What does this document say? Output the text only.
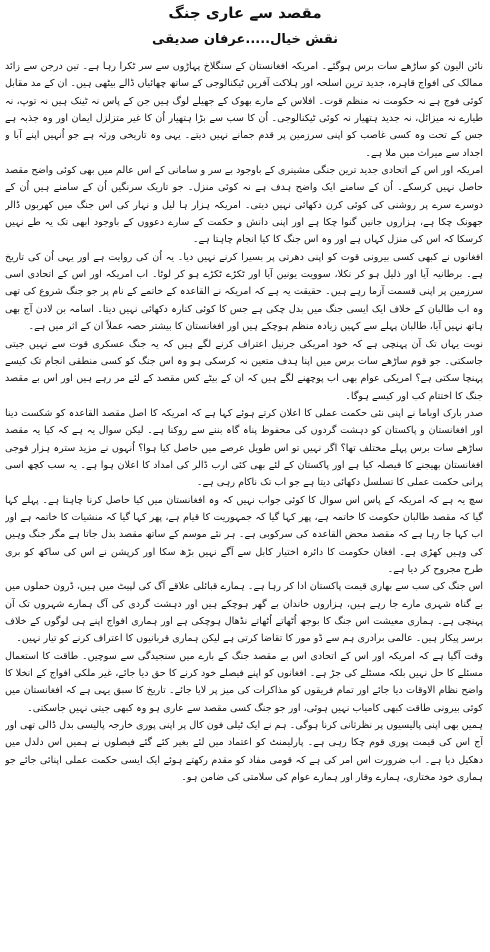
مقصد سے عاری جنگ
نقش خیال.....عرفان صدیقی

نائن الیون کو ساڑھے سات برس ہوگئے۔ امریکہ افغانستان کے سنگلاخ پہاڑوں سے سر ٹکرا رہا ہے۔ تین درجن سے زائد ممالک کی افواج قاہرہ، جدید ترین اسلحہ اور ہلاکت آفریں ٹیکنالوجی کے ساتھ چھائیاں ڈالے بیٹھی ہیں۔ ان کے مد مقابل کوئی فوج ہے نہ حکومت نہ منظم قوت۔ افلاس کے مارے بھوک کے جھیلے لوگ ہیں جن کے پاس نہ ٹینک ہیں نہ توپ، نہ طیارے نہ میزائل، نہ جدید ہتھیار نہ کوئی ٹیکنالوجی۔ اُن کا سب سے بڑا ہتھیار اُن کا غیر متزلزل ایمان اور وہ جذبہ ہے جس کے تحت وہ کسی غاصب کو اپنی سرزمین پر قدم جمانے نہیں دیتے۔ یہی وہ تاریخی ورثہ ہے جو اُنہیں اپنے آبا و اجداد سے میراث میں ملا ہے۔

امریکہ اور اس کے اتحادی جدید ترین جنگی مشینری کے باوجود بے سر و سامانی کے اس عالم میں بھی کوئی واضح مقصد حاصل نہیں کرسکے۔ اُن کے سامنے ایک واضح ہدف ہے نہ کوئی منزل۔ جو تاریک سرنگیں اُن کے سامنے ہیں اُن کے دوسرے سرے پر روشنی کی کوئی کرن دکھائی نہیں دیتی۔ امریکہ ہزار ہا لیل و نہار کی اس جنگ میں کھربوں ڈالر جھونک چکا ہے، ہزاروں جانیں گنوا چکا ہے اور اپنی دانش و حکمت کے سارے دعووں کے باوجود ابھی تک یہ طے نہیں کرسکا کہ اس کی منزل کہاں ہے اور وہ اس جنگ کا کیا انجام چاہتا ہے۔

افغانوں نے کبھی کسی بیرونی قوت کو اپنی دھرتی پر بسیرا کرنے نہیں دیا۔ یہ اُن کی روایت ہے اور یہی اُن کی تاریخ ہے۔ برطانیہ آیا اور ذلیل ہو کر نکلا، سوویت یونین آیا اور ٹکڑے ٹکڑے ہو کر لوٹا۔ اب امریکہ اور اس کے اتحادی اسی سرزمین پر اپنی قسمت آزما رہے ہیں۔ حقیقت یہ ہے کہ امریکہ نے القاعدہ کے خاتمے کے نام پر جو جنگ شروع کی تھی وہ اب طالبان کے خلاف ایک ایسی جنگ میں بدل چکی ہے جس کا کوئی کنارہ دکھائی نہیں دیتا۔ اسامہ بن لادن آج بھی ہاتھ نہیں آیا، طالبان پہلے سے کہیں زیادہ منظم ہوچکے ہیں اور افغانستان کا بیشتر حصہ عملاً ان کے اثر میں ہے۔

نوبت یہاں تک آن پہنچی ہے کہ خود امریکی جرنیل اعتراف کرنے لگے ہیں کہ یہ جنگ عسکری قوت سے نہیں جیتی جاسکتی۔ جو قوم ساڑھے سات برس میں اپنا ہدف متعین نہ کرسکی ہو وہ اس جنگ کو کسی منطقی انجام تک کیسے پہنچا سکتی ہے؟ امریکی عوام بھی اب پوچھنے لگے ہیں کہ ان کے بیٹے کس مقصد کے لئے مر رہے ہیں اور اس بے مقصد جنگ کا اختتام کب اور کیسے ہوگا۔

صدر بارک اوباما نے اپنی نئی حکمت عملی کا اعلان کرتے ہوئے کہا ہے کہ امریکہ کا اصل مقصد القاعدہ کو شکست دینا اور افغانستان و پاکستان کو دہشت گردوں کی محفوظ پناہ گاہ بننے سے روکنا ہے۔ لیکن سوال یہ ہے کہ کیا یہ مقصد ساڑھے سات برس پہلے مختلف تھا؟ اگر نہیں تو اس طویل عرصے میں حاصل کیا ہوا؟ اُنہوں نے مزید سترہ ہزار فوجی افغانستان بھیجنے کا فیصلہ کیا ہے اور پاکستان کے لئے بھی کئی ارب ڈالر کی امداد کا اعلان ہوا ہے۔ یہ سب کچھ اسی پرانی حکمت عملی کا تسلسل دکھائی دیتا ہے جو اب تک ناکام رہی ہے۔

سچ یہ ہے کہ امریکہ کے پاس اس سوال کا کوئی جواب نہیں کہ وہ افغانستان میں کیا حاصل کرنا چاہتا ہے۔ پہلے کہا گیا کہ مقصد طالبان حکومت کا خاتمہ ہے، پھر کہا گیا کہ جمہوریت کا قیام ہے، پھر کہا گیا کہ منشیات کا خاتمہ ہے اور اب کہا جا رہا ہے کہ مقصد محض القاعدہ کی سرکوبی ہے۔ ہر نئے موسم کے ساتھ مقصد بدل جاتا ہے مگر جنگ وہیں کی وہیں کھڑی ہے۔ افغان حکومت کا دائرہ اختیار کابل سے آگے نہیں بڑھ سکا اور کرپشن نے اس کی ساکھ کو بری طرح مجروح کر دیا ہے۔

اس جنگ کی سب سے بھاری قیمت پاکستان ادا کر رہا ہے۔ ہمارے قبائلی علاقے آگ کی لپیٹ میں ہیں، ڈرون حملوں میں بے گناہ شہری مارے جا رہے ہیں، ہزاروں خاندان بے گھر ہوچکے ہیں اور دہشت گردی کی آگ ہمارے شہروں تک آن پہنچی ہے۔ ہماری معیشت اس جنگ کا بوجھ اُٹھاتے اُٹھاتے نڈھال ہوچکی ہے اور ہماری افواج اپنے ہی لوگوں کے خلاف برسر پیکار ہیں۔ عالمی برادری ہم سے ڈو مور کا تقاضا کرتی ہے لیکن ہماری قربانیوں کا اعتراف کرنے کو تیار نہیں۔

وقت آگیا ہے کہ امریکہ اور اس کے اتحادی اس بے مقصد جنگ کے بارے میں سنجیدگی سے سوچیں۔ طاقت کا استعمال مسئلے کا حل نہیں بلکہ مسئلے کی جڑ ہے۔ افغانوں کو اپنے فیصلے خود کرنے کا حق دیا جائے، غیر ملکی افواج کے انخلا کا واضح نظام الاوقات دیا جائے اور تمام فریقوں کو مذاکرات کی میز پر لایا جائے۔ تاریخ کا سبق یہی ہے کہ افغانستان میں کوئی بیرونی طاقت کبھی کامیاب نہیں ہوئی، اور جو جنگ کسی مقصد سے عاری ہو وہ کبھی جیتی نہیں جاسکتی۔

ہمیں بھی اپنی پالیسیوں پر نظرثانی کرنا ہوگی۔ ہم نے ایک ٹیلی فون کال پر اپنی پوری خارجہ پالیسی بدل ڈالی تھی اور آج اس کی قیمت پوری قوم چکا رہی ہے۔ پارلیمنٹ کو اعتماد میں لئے بغیر کئے گئے فیصلوں نے ہمیں اس دلدل میں دھکیل دیا ہے۔ اب ضرورت اس امر کی ہے کہ قومی مفاد کو مقدم رکھتے ہوئے ایک ایسی حکمت عملی اپنائی جائے جو ہماری خود مختاری، ہمارے وقار اور ہمارے عوام کی سلامتی کی ضامن ہو۔
